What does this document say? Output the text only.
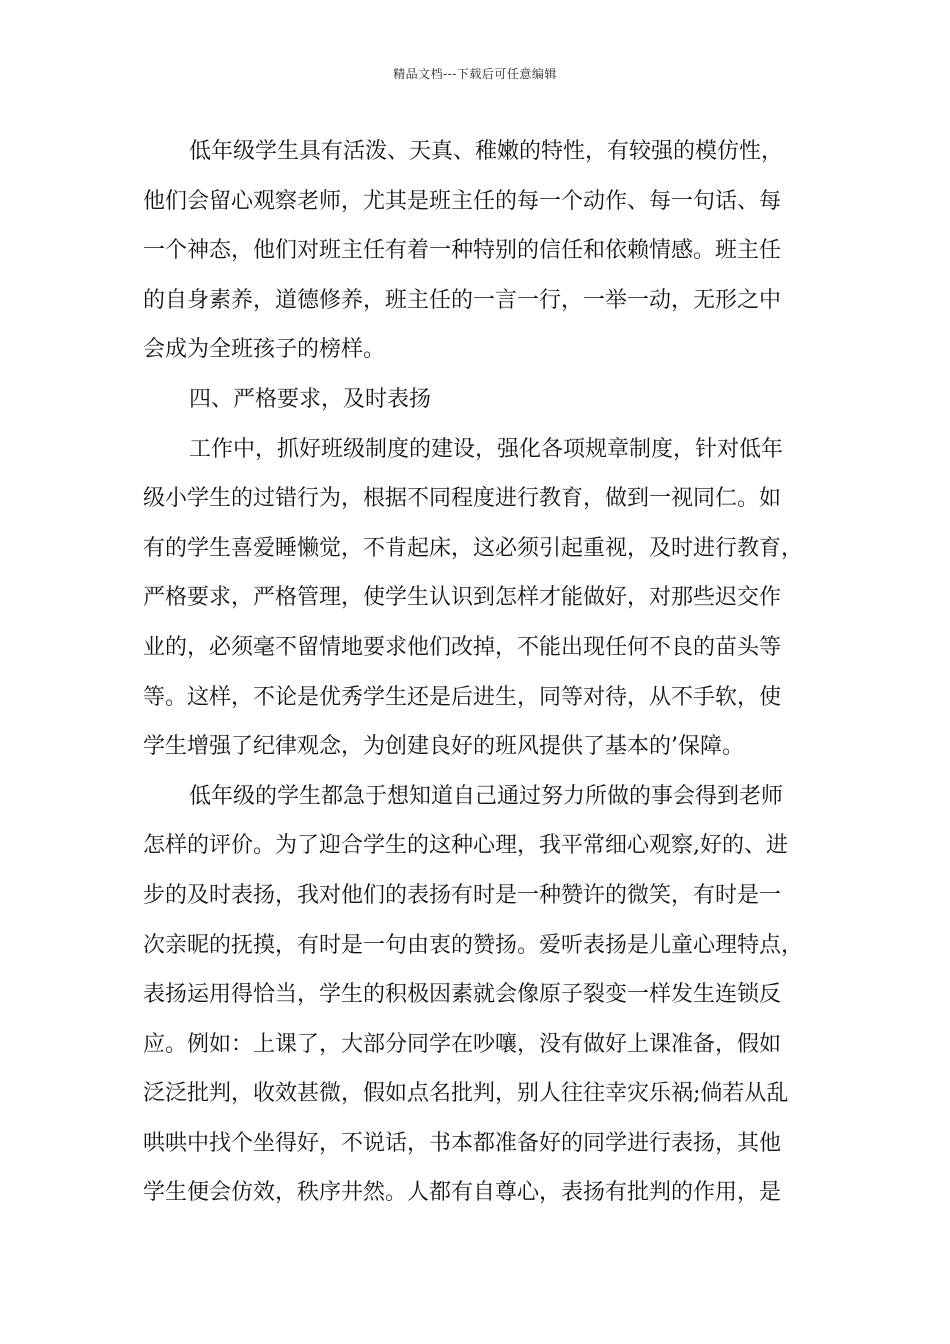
精品文档---下载后可任意编辑
低年级学生具有活泼、天真、稚嫩的特性，有较强的模仿性，
他们会留心观察老师，尤其是班主任的每一个动作、每一句话、每
一个神态，他们对班主任有着一种特别的信任和依赖情感。班主任
的自身素养，道德修养，班主任的一言一行，一举一动，无形之中
会成为全班孩子的榜样。
四、严格要求，及时表扬
工作中，抓好班级制度的建设，强化各项规章制度，针对低年
级小学生的过错行为，根据不同程度进行教育，做到一视同仁。如
有的学生喜爱睡懒觉，不肯起床，这必须引起重视，及时进行教育，
严格要求，严格管理，使学生认识到怎样才能做好，对那些迟交作
业的，必须毫不留情地要求他们改掉，不能出现任何不良的苗头等
等。这样，不论是优秀学生还是后进生，同等对待，从不手软，使
学生增强了纪律观念，为创建良好的班风提供了基本的’保障。
低年级的学生都急于想知道自己通过努力所做的事会得到老师
怎样的评价。为了迎合学生的这种心理，我平常细心观察,好的、进
步的及时表扬，我对他们的表扬有时是一种赞许的微笑，有时是一
次亲昵的抚摸，有时是一句由衷的赞扬。爱听表扬是儿童心理特点，
表扬运用得恰当，学生的积极因素就会像原子裂变一样发生连锁反
应。例如：上课了，大部分同学在吵嚷，没有做好上课准备，假如
泛泛批判，收效甚微，假如点名批判，别人往往幸灾乐祸;倘若从乱
哄哄中找个坐得好，不说话，书本都准备好的同学进行表扬，其他
学生便会仿效，秩序井然。人都有自尊心，表扬有批判的作用，是
